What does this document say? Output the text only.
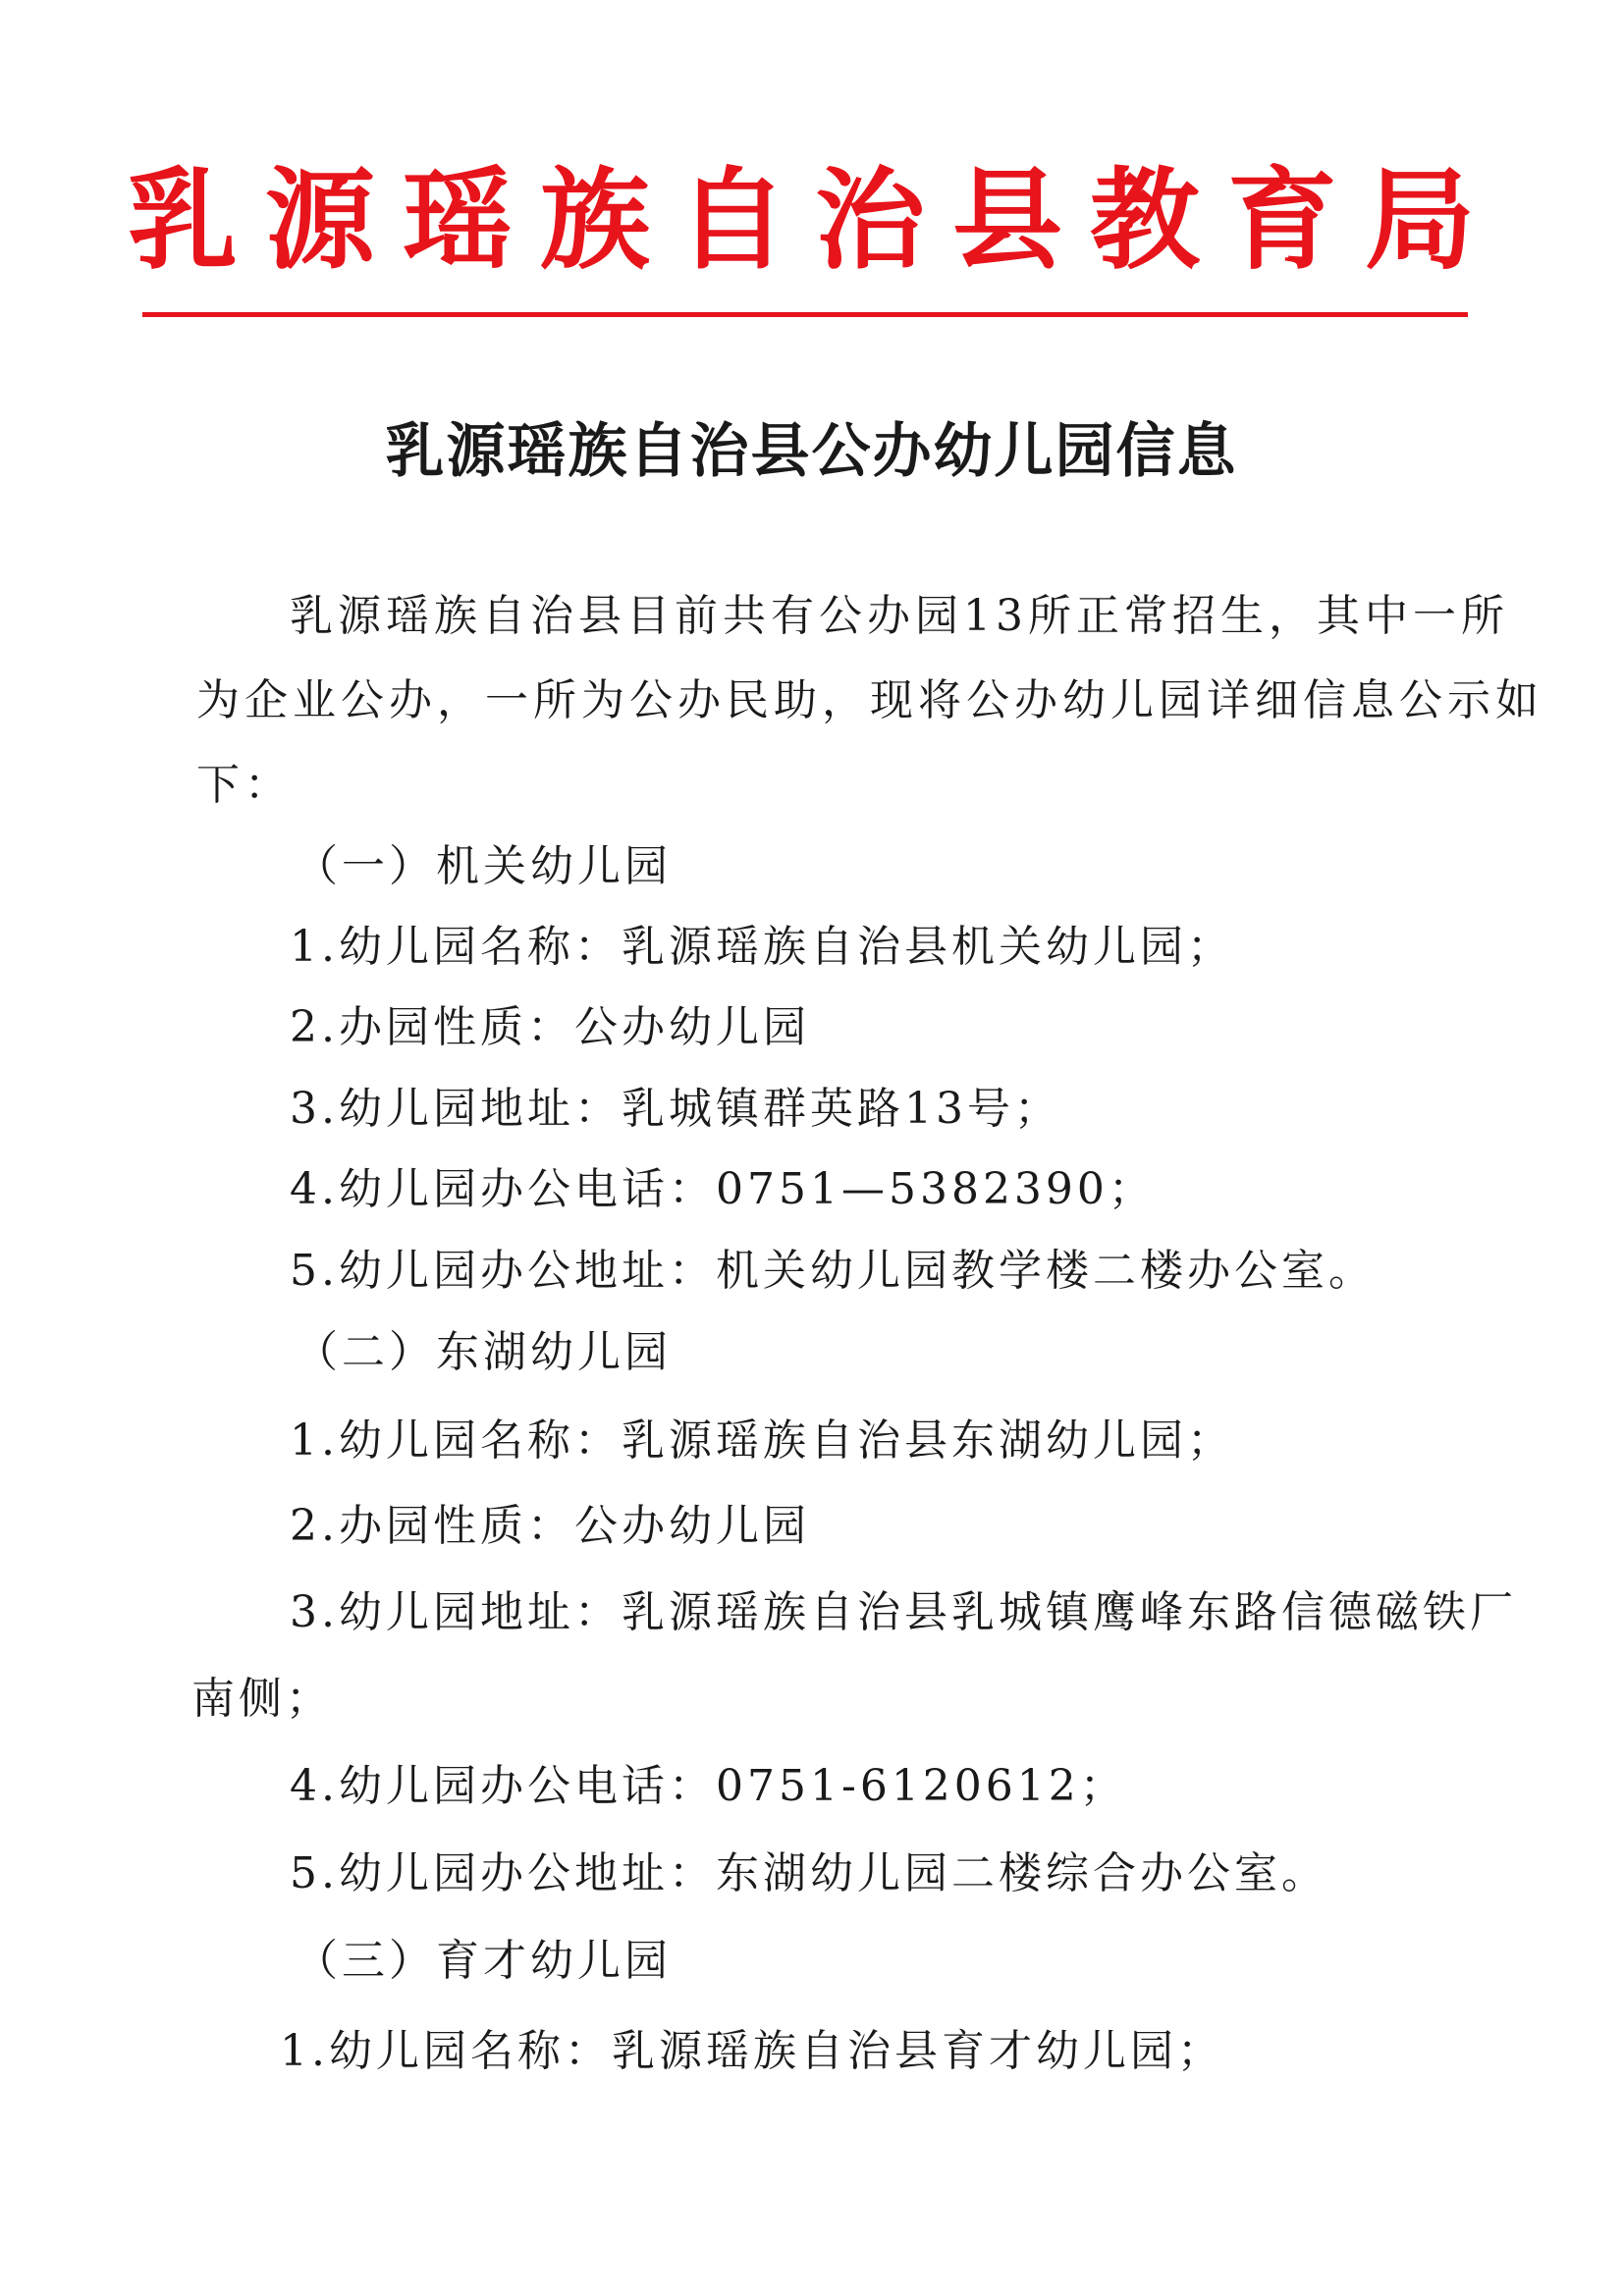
乳源瑶族自治县教育局
乳源瑶族自治县公办幼儿园信息
乳源瑶族自治县目前共有公办园13所正常招生，其中一所
为企业公办，一所为公办民助，现将公办幼儿园详细信息公示如
下：
（一）机关幼儿园
1.幼儿园名称：乳源瑶族自治县机关幼儿园；
2.办园性质：公办幼儿园
3.幼儿园地址：乳城镇群英路13号；
4.幼儿园办公电话：0751—5382390；
5.幼儿园办公地址：机关幼儿园教学楼二楼办公室。
（二）东湖幼儿园
1.幼儿园名称：乳源瑶族自治县东湖幼儿园；
2.办园性质：公办幼儿园
3.幼儿园地址：乳源瑶族自治县乳城镇鹰峰东路信德磁铁厂
南侧；
4.幼儿园办公电话：0751-6120612；
5.幼儿园办公地址：东湖幼儿园二楼综合办公室。
（三）育才幼儿园
1.幼儿园名称：乳源瑶族自治县育才幼儿园；
